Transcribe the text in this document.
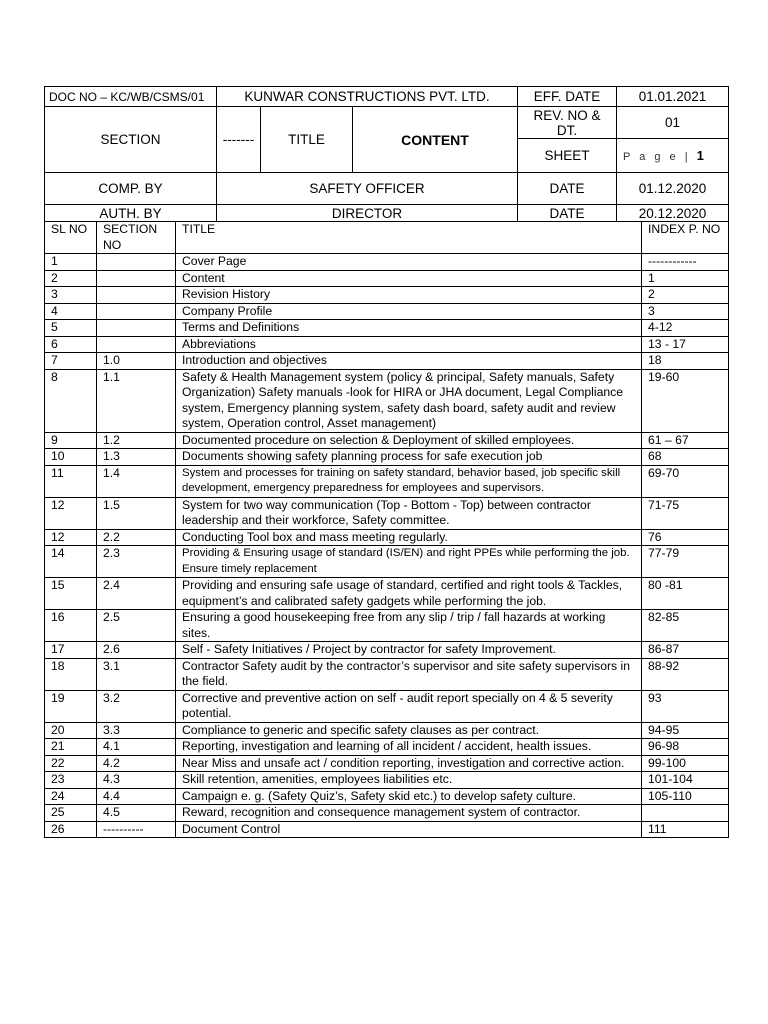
DOC NO – KC/WB/CSMS/01	KUNWAR CONSTRUCTIONS PVT. LTD.			EFF. DATE	01.01.2021
SECTION	-------	TITLE	CONTENT	REV. NO & DT.	01
				SHEET	P a g e | 1
COMP. BY	SAFETY OFFICER			DATE	01.12.2020
AUTH. BY	DIRECTOR			DATE	20.12.2020
SL NO	SECTION NO	TITLE	INDEX P. NO
1		Cover Page	------------
2		Content	1
3		Revision History	2
4		Company Profile	3
5		Terms and Definitions	4-12
6		Abbreviations	13 - 17
7	1.0	Introduction and objectives	18
8	1.1	Safety & Health Management system (policy & principal, Safety manuals, Safety Organization) Safety manuals -look for HIRA or JHA document, Legal Compliance system, Emergency planning system, safety dash board, safety audit and review system, Operation control, Asset management)	19-60
9	1.2	Documented procedure on selection & Deployment of skilled employees.	61 – 67
10	1.3	Documents showing safety planning process for safe execution job	68
11	1.4	System and processes for training on safety standard, behavior based, job specific skill development, emergency preparedness for employees and supervisors.	69-70
12	1.5	System for two way communication (Top - Bottom - Top) between contractor leadership and their workforce, Safety committee.	71-75
12	2.2	Conducting Tool box and mass meeting regularly.	76
14	2.3	Providing & Ensuring usage of standard (IS/EN) and right PPEs while performing the job. Ensure timely replacement	77-79
15	2.4	Providing and ensuring safe usage of standard, certified and right tools & Tackles, equipment’s and calibrated safety gadgets while performing the job.	80 -81
16	2.5	Ensuring a good housekeeping free from any slip / trip / fall hazards at working sites.	82-85
17	2.6	Self - Safety Initiatives / Project by contractor for safety Improvement.	86-87
18	3.1	Contractor Safety audit by the contractor’s supervisor and site safety supervisors in the field.	88-92
19	3.2	Corrective and preventive action on self - audit report specially on 4 & 5 severity potential.	93
20	3.3	Compliance to generic and specific safety clauses as per contract.	94-95
21	4.1	Reporting, investigation and learning of all incident / accident, health issues.	96-98
22	4.2	Near Miss and unsafe act / condition reporting, investigation and corrective action.	99-100
23	4.3	Skill retention, amenities, employees liabilities etc.	101-104
24	4.4	Campaign e. g. (Safety Quiz’s, Safety skid etc.) to develop safety culture.	105-110
25	4.5	Reward, recognition and consequence management system of contractor.	
26	----------	Document Control	111
